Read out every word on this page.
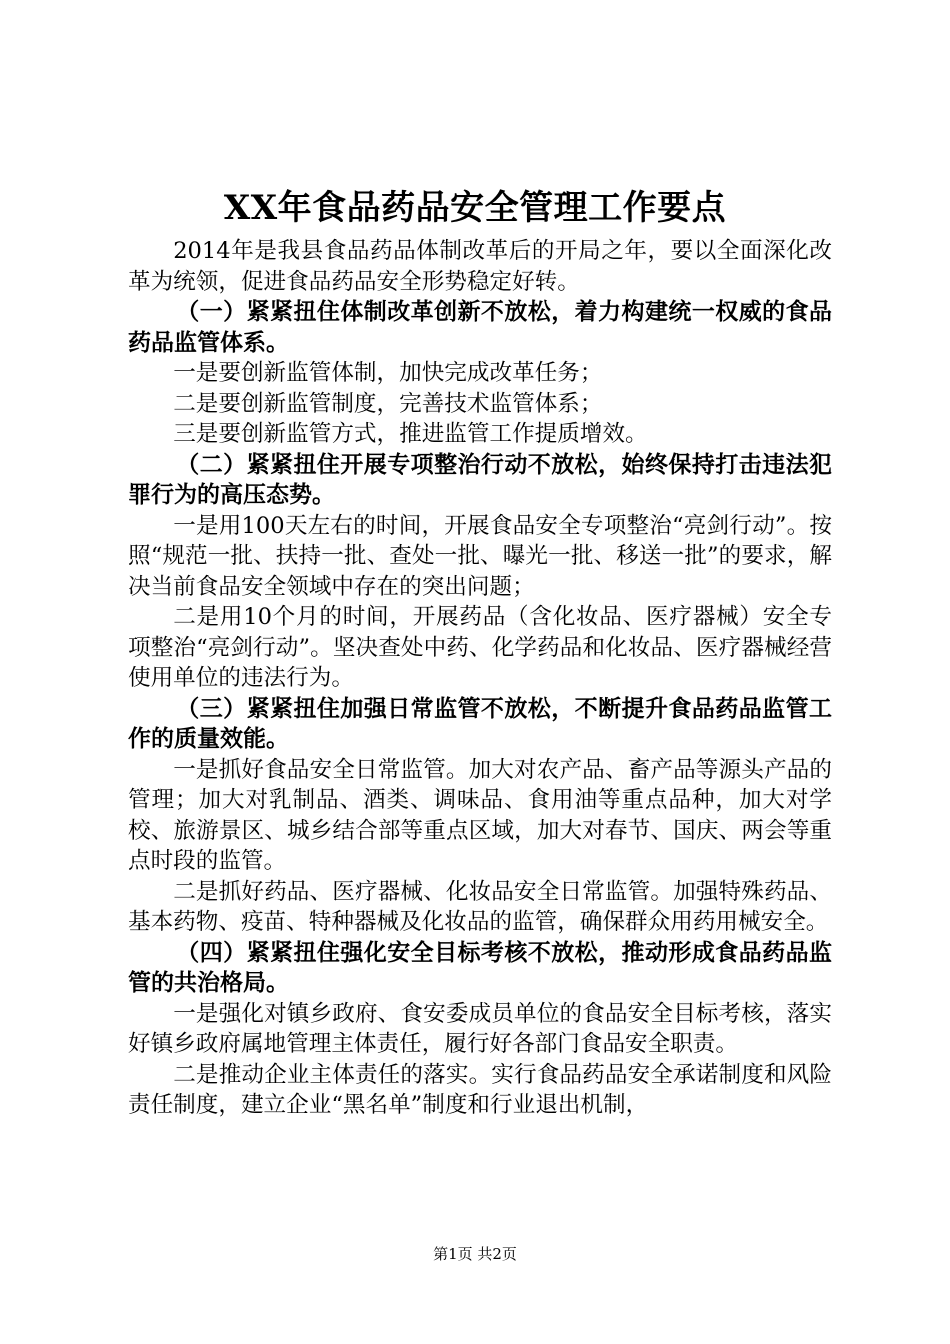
XX年食品药品安全管理工作要点

2014年是我县食品药品体制改革后的开局之年，要以全面深化改革为统领，促进食品药品安全形势稳定好转。

（一）紧紧扭住体制改革创新不放松，着力构建统一权威的食品药品监管体系。

一是要创新监管体制，加快完成改革任务；

二是要创新监管制度，完善技术监管体系；

三是要创新监管方式，推进监管工作提质增效。

（二）紧紧扭住开展专项整治行动不放松，始终保持打击违法犯罪行为的高压态势。

一是用100天左右的时间，开展食品安全专项整治“亮剑行动”。按照“规范一批、扶持一批、查处一批、曝光一批、移送一批”的要求，解决当前食品安全领域中存在的突出问题；

二是用10个月的时间，开展药品（含化妆品、医疗器械）安全专项整治“亮剑行动”。坚决查处中药、化学药品和化妆品、医疗器械经营使用单位的违法行为。

（三）紧紧扭住加强日常监管不放松，不断提升食品药品监管工作的质量效能。

一是抓好食品安全日常监管。加大对农产品、畜产品等源头产品的管理；加大对乳制品、酒类、调味品、食用油等重点品种，加大对学校、旅游景区、城乡结合部等重点区域，加大对春节、国庆、两会等重点时段的监管。

二是抓好药品、医疗器械、化妆品安全日常监管。加强特殊药品、基本药物、疫苗、特种器械及化妆品的监管，确保群众用药用械安全。

（四）紧紧扭住强化安全目标考核不放松，推动形成食品药品监管的共治格局。

一是强化对镇乡政府、食安委成员单位的食品安全目标考核，落实好镇乡政府属地管理主体责任，履行好各部门食品安全职责。

二是推动企业主体责任的落实。实行食品药品安全承诺制度和风险责任制度，建立企业“黑名单”制度和行业退出机制，

第1页 共2页
